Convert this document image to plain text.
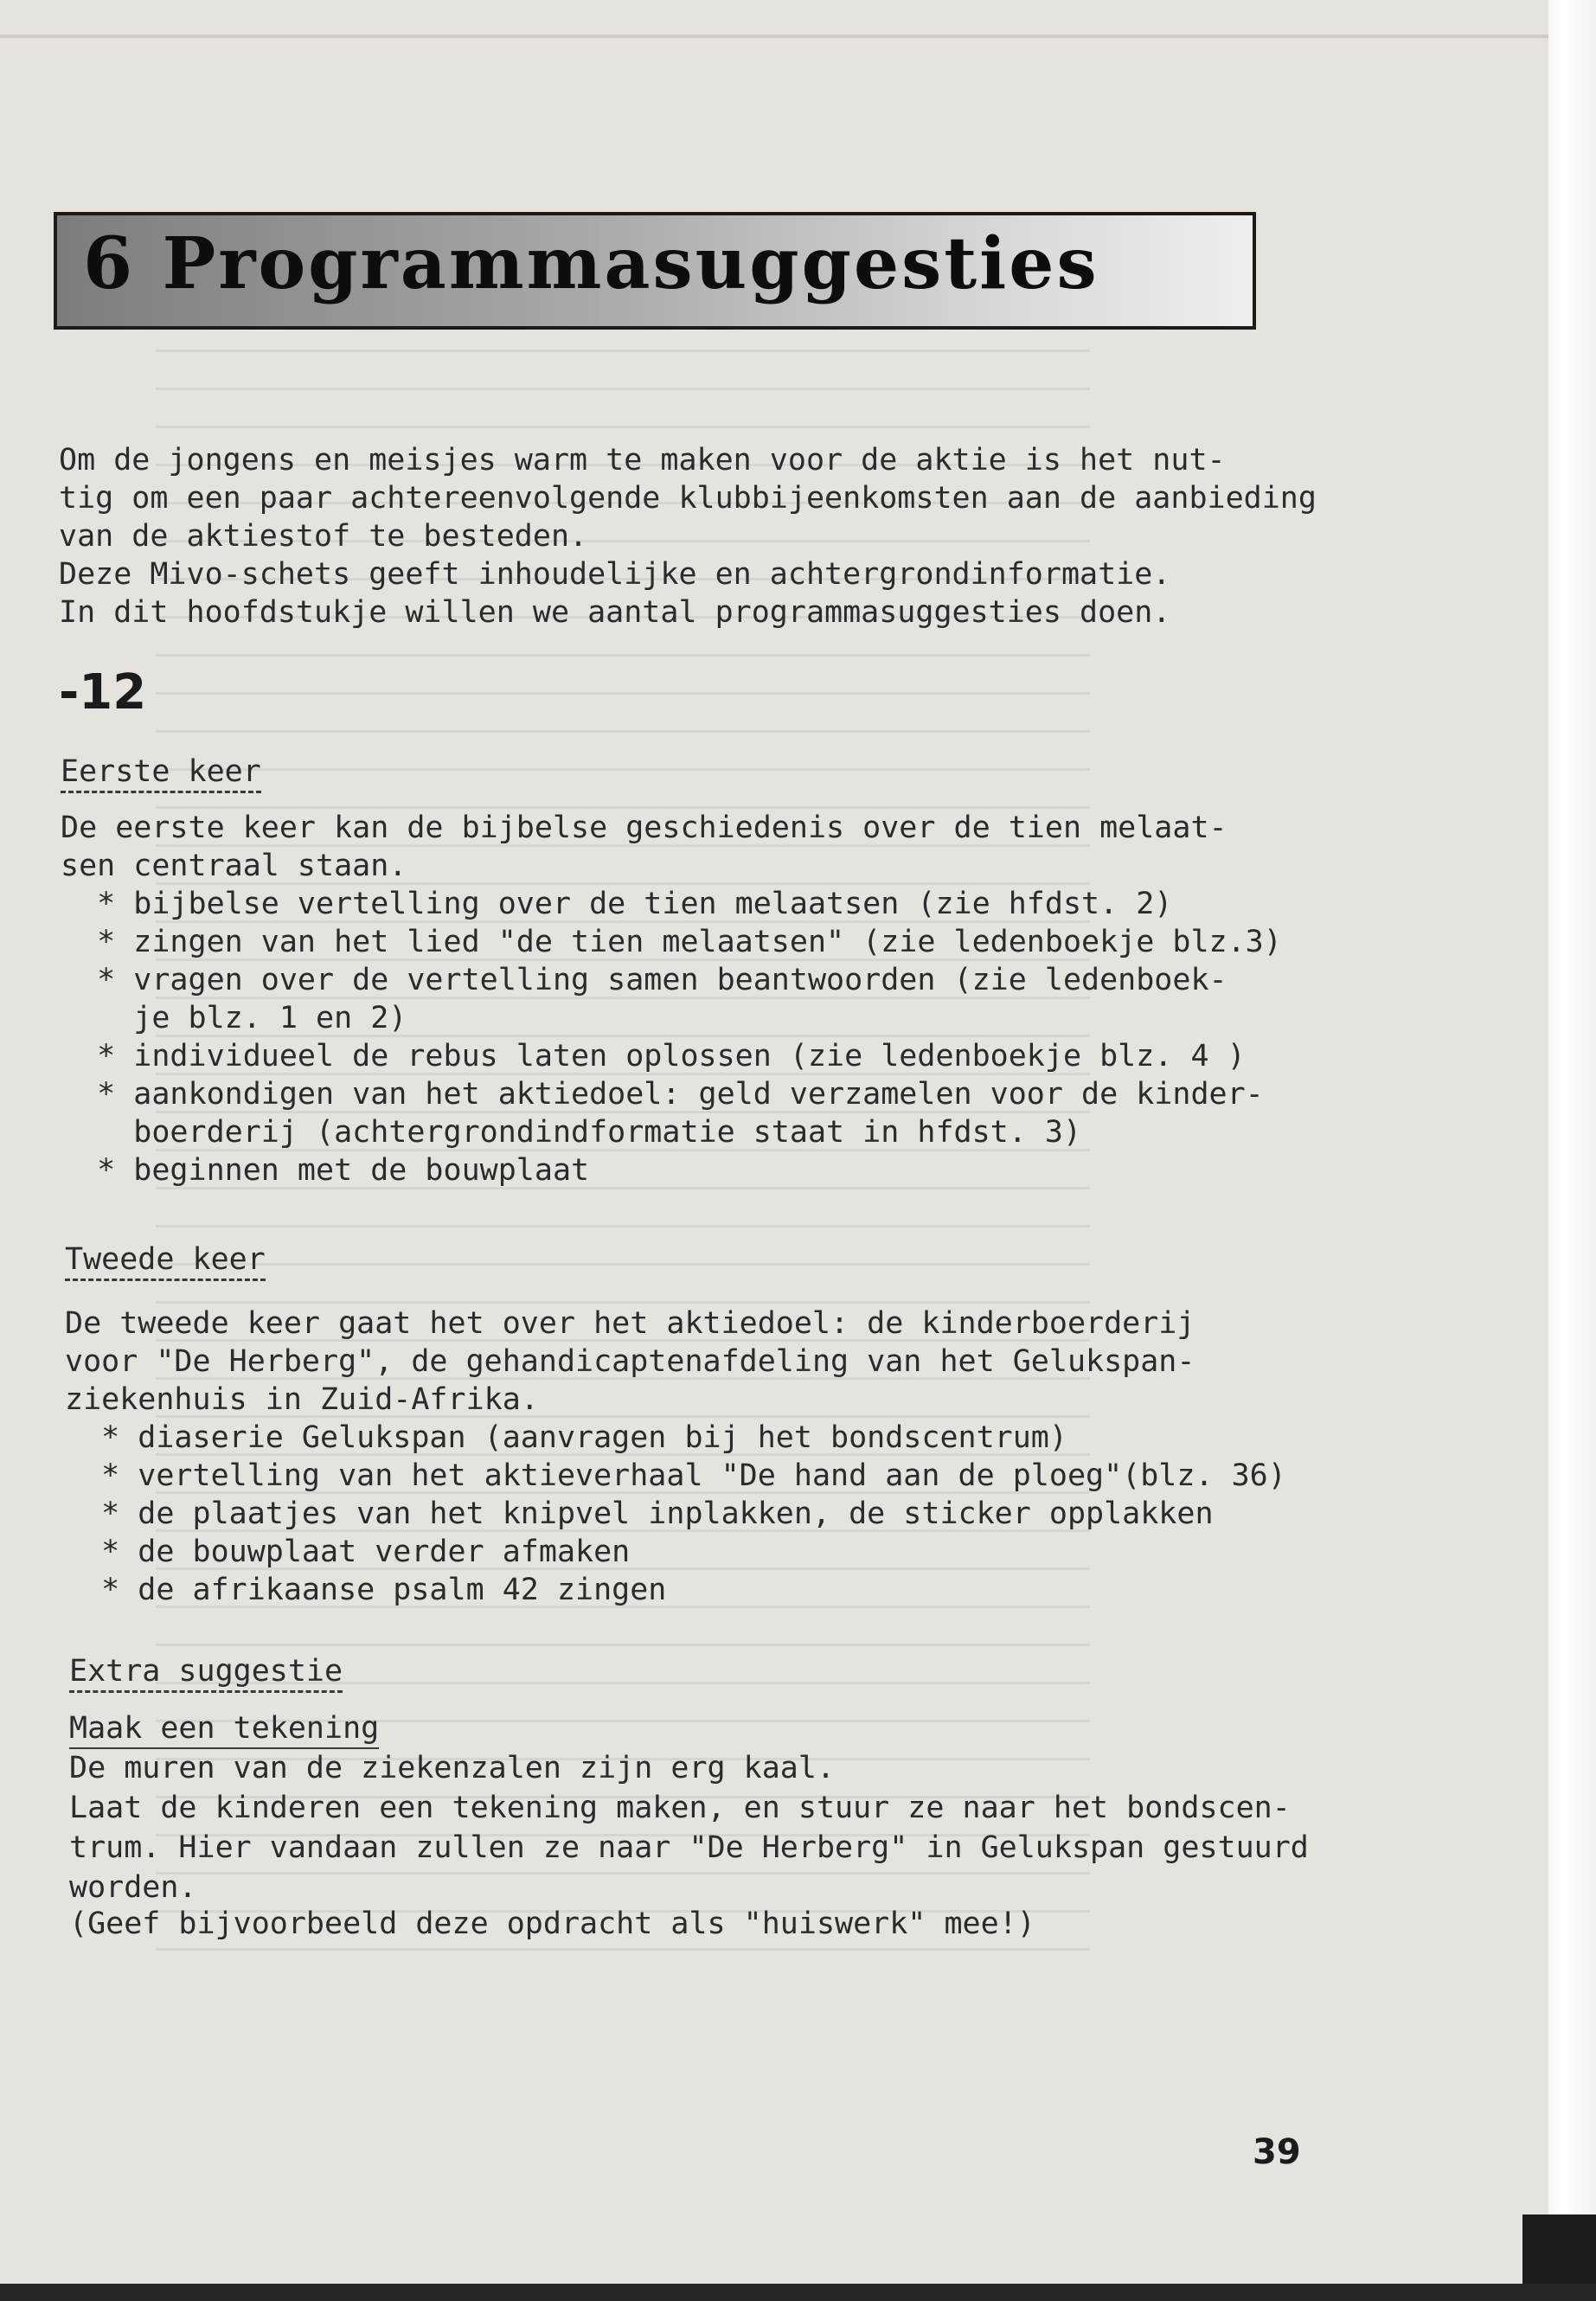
6 Programmasuggesties
Om de jongens en meisjes warm te maken voor de aktie is het nut-
tig om een paar achtereenvolgende klubbijeenkomsten aan de aanbieding
van de aktiestof te besteden.
Deze Mivo-schets geeft inhoudelijke en achtergrondinformatie.
In dit hoofdstukje willen we aantal programmasuggesties doen.
-12
Eerste keer
De eerste keer kan de bijbelse geschiedenis over de tien melaat-
sen centraal staan.
* bijbelse vertelling over de tien melaatsen (zie hfdst. 2)
* zingen van het lied "de tien melaatsen" (zie ledenboekje blz.3)
* vragen over de vertelling samen beantwoorden (zie ledenboek-
je blz. 1 en 2)
* individueel de rebus laten oplossen (zie ledenboekje blz. 4 )
* aankondigen van het aktiedoel: geld verzamelen voor de kinder-
boerderij (achtergrondindformatie staat in hfdst. 3)
* beginnen met de bouwplaat
Tweede keer
De tweede keer gaat het over het aktiedoel: de kinderboerderij
voor "De Herberg", de gehandicaptenafdeling van het Gelukspan-
ziekenhuis in Zuid-Afrika.
* diaserie Gelukspan (aanvragen bij het bondscentrum)
* vertelling van het aktieverhaal "De hand aan de ploeg"(blz. 36)
* de plaatjes van het knipvel inplakken, de sticker opplakken
* de bouwplaat verder afmaken
* de afrikaanse psalm 42 zingen
Extra suggestie
Maak een tekening
De muren van de ziekenzalen zijn erg kaal.
Laat de kinderen een tekening maken, en stuur ze naar het bondscen-
trum. Hier vandaan zullen ze naar "De Herberg" in Gelukspan gestuurd
worden.
(Geef bijvoorbeeld deze opdracht als "huiswerk" mee!)
39
